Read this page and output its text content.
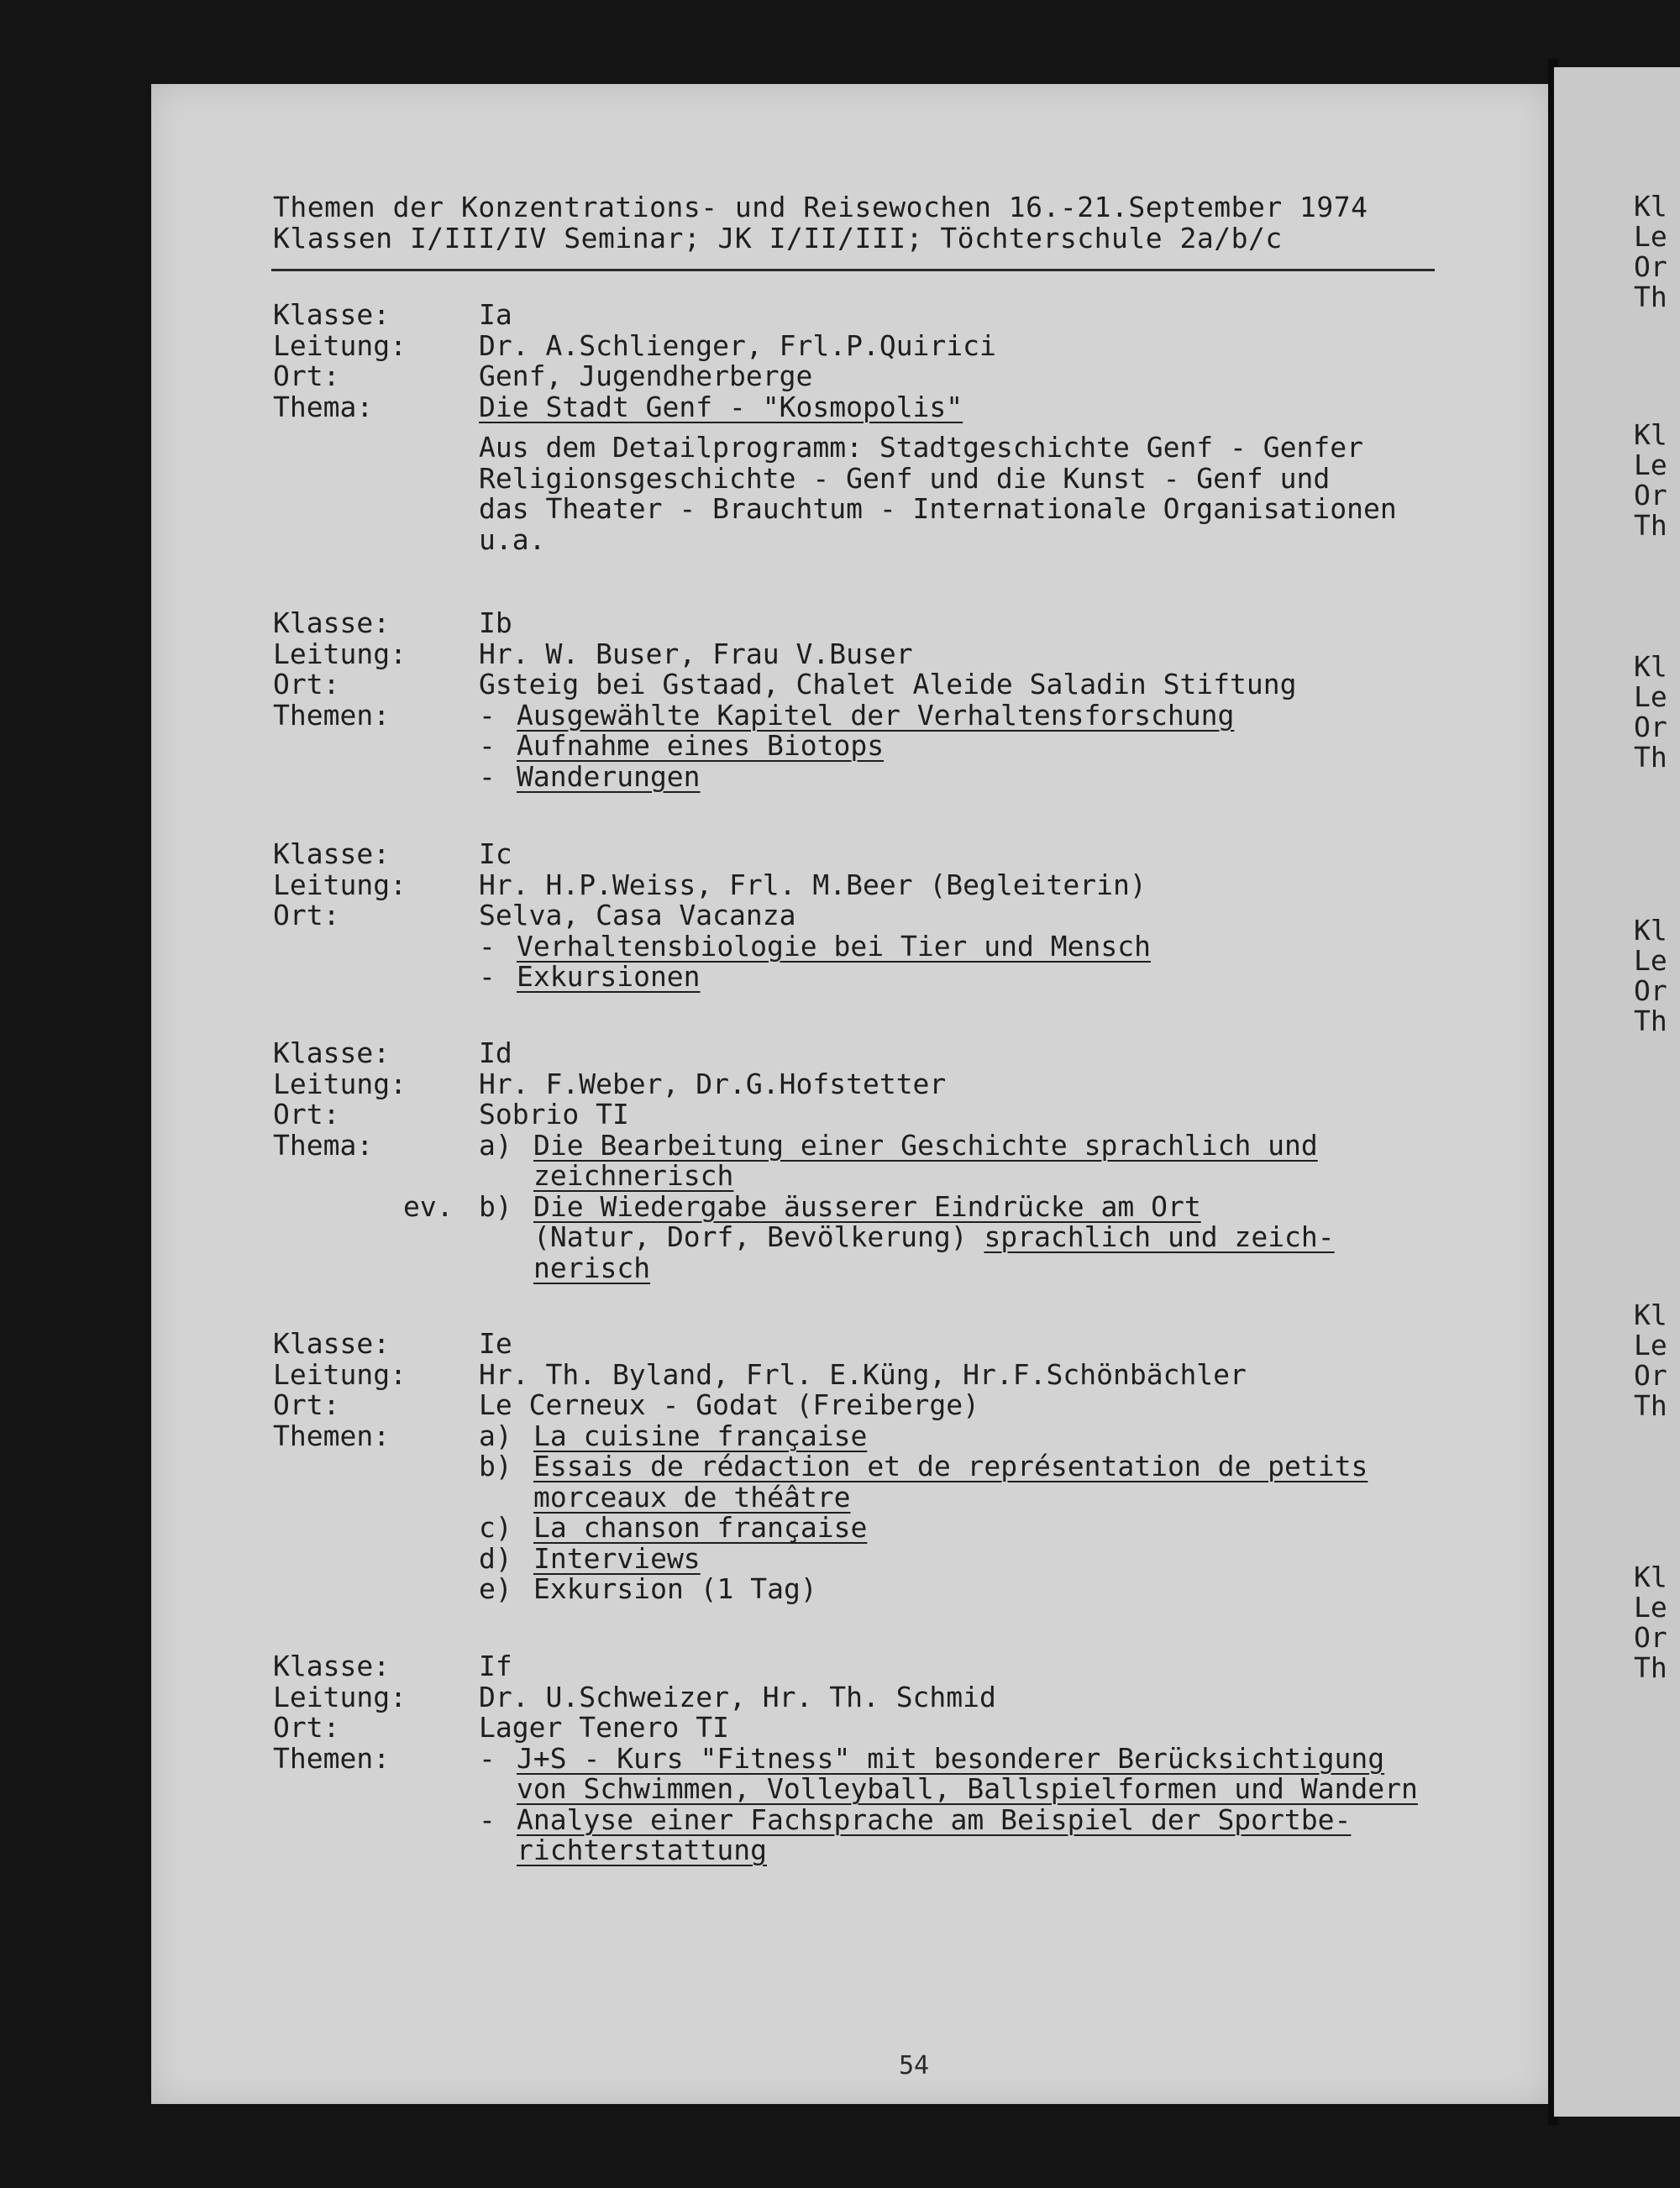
Kl
Le
Or
Th
Kl
Le
Or
Th
Kl
Le
Or
Th
Kl
Le
Or
Th
Kl
Le
Or
Th
Kl
Le
Or
Th
Themen der Konzentrations- und Reisewochen 16.-21.September 1974
Klassen I/III/IV Seminar; JK I/II/III; Töchterschule 2a/b/c
Klasse:	Ia
Leitung:	Dr. A.Schlienger, Frl.P.Quirici
Ort:	Genf, Jugendherberge
Thema:	Die Stadt Genf - "Kosmopolis"
Aus dem Detailprogramm: Stadtgeschichte Genf - Genfer
Religionsgeschichte - Genf und die Kunst - Genf und
das Theater - Brauchtum - Internationale Organisationen
u.a.
Klasse:	Ib
Leitung:	Hr. W. Buser, Frau V.Buser
Ort:	Gsteig bei Gstaad, Chalet Aleide Saladin Stiftung
Themen:	- Ausgewählte Kapitel der Verhaltensforschung
- Aufnahme eines Biotops
- Wanderungen
Klasse:	Ic
Leitung:	Hr. H.P.Weiss, Frl. M.Beer (Begleiterin)
Ort:	Selva, Casa Vacanza
- Verhaltensbiologie bei Tier und Mensch
- Exkursionen
Klasse:	Id
Leitung:	Hr. F.Weber, Dr.G.Hofstetter
Ort:	Sobrio TI
Thema:	a) Die Bearbeitung einer Geschichte sprachlich und
zeichnerisch
ev. b) Die Wiedergabe äusserer Eindrücke am Ort
(Natur, Dorf, Bevölkerung) sprachlich und zeich-
nerisch
Klasse:	Ie
Leitung:	Hr. Th. Byland, Frl. E.Küng, Hr.F.Schönbächler
Ort:	Le Cerneux - Godat (Freiberge)
Themen:	a) La cuisine française
b) Essais de rédaction et de représentation de petits
morceaux de théâtre
c) La chanson française
d) Interviews
e) Exkursion (1 Tag)
Klasse:	If
Leitung:	Dr. U.Schweizer, Hr. Th. Schmid
Ort:	Lager Tenero TI
Themen:	- J+S - Kurs "Fitness" mit besonderer Berücksichtigung
von Schwimmen, Volleyball, Ballspielformen und Wandern
- Analyse einer Fachsprache am Beispiel der Sportbe-
richterstattung
54
